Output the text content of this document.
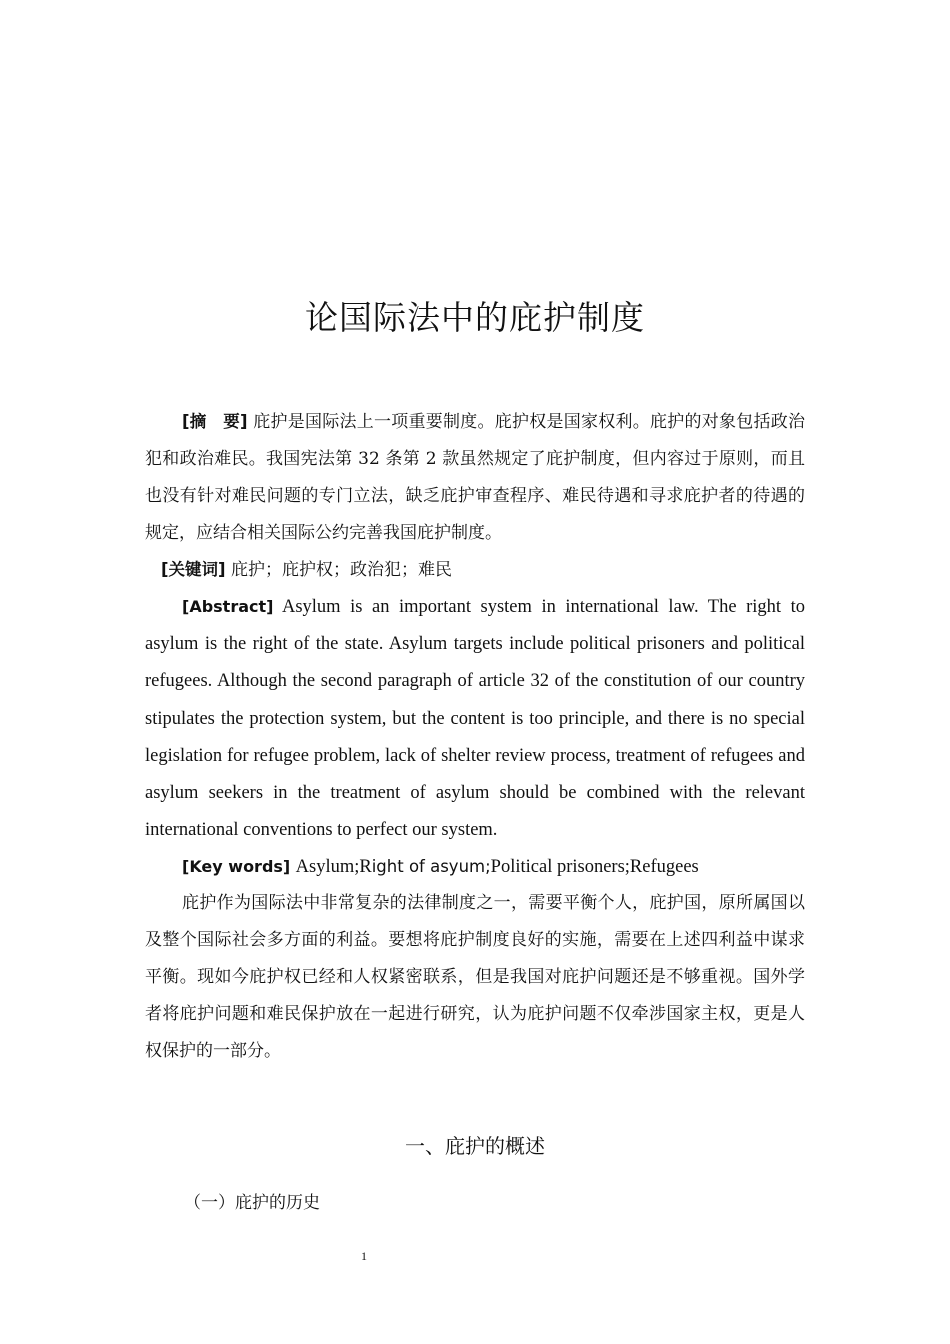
论国际法中的庇护制度

[摘　要] 庇护是国际法上一项重要制度。庇护权是国家权利。庇护的对象包括政治犯和政治难民。我国宪法第 32 条第 2 款虽然规定了庇护制度，但内容过于原则，而且也没有针对难民问题的专门立法，缺乏庇护审查程序、难民待遇和寻求庇护者的待遇的规定，应结合相关国际公约完善我国庇护制度。

[关键词] 庇护；庇护权；政治犯；难民

[Abstract] Asylum is an important system in international law. The right to asylum is the right of the state. Asylum targets include political prisoners and political refugees. Although the second paragraph of article 32 of the constitution of our country stipulates the protection system, but the content is too principle, and there is no special legislation for refugee problem, lack of shelter review process, treatment of refugees and asylum seekers in the treatment of asylum should be combined with the relevant international conventions to perfect our system.

[Key words] Asylum;Right of asyum;Political prisoners;Refugees

庇护作为国际法中非常复杂的法律制度之一，需要平衡个人，庇护国，原所属国以及整个国际社会多方面的利益。要想将庇护制度良好的实施，需要在上述四利益中谋求平衡。现如今庇护权已经和人权紧密联系，但是我国对庇护问题还是不够重视。国外学者将庇护问题和难民保护放在一起进行研究，认为庇护问题不仅牵涉国家主权，更是人权保护的一部分。

一、庇护的概述
（一）庇护的历史
1
